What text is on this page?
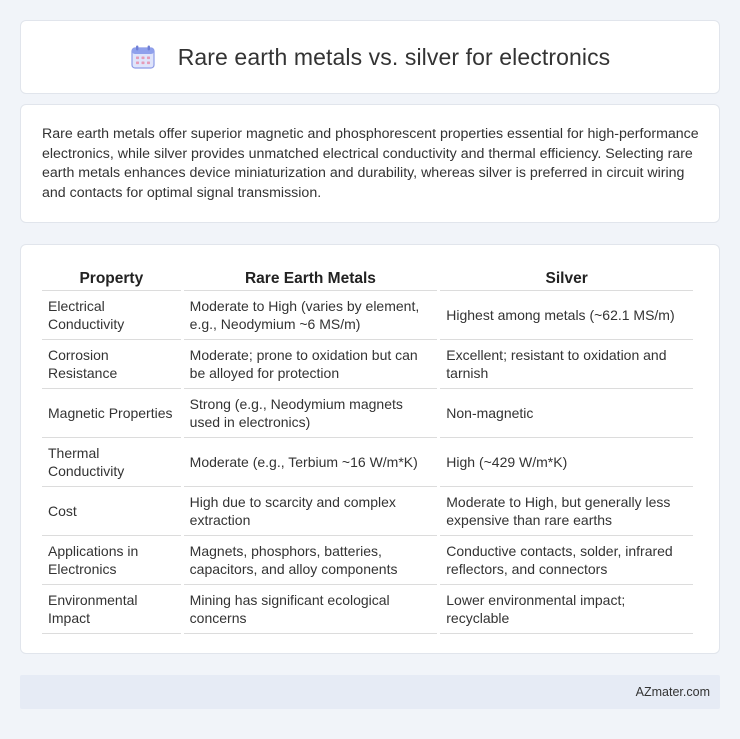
Rare earth metals vs. silver for electronics

Rare earth metals offer superior magnetic and phosphorescent properties essential for high-performance electronics, while silver provides unmatched electrical conductivity and thermal efficiency. Selecting rare earth metals enhances device miniaturization and durability, whereas silver is preferred in circuit wiring and contacts for optimal signal transmission.

Property	Rare Earth Metals	Silver
Electrical Conductivity	Moderate to High (varies by element, e.g., Neodymium ~6 MS/m)	Highest among metals (~62.1 MS/m)
Corrosion Resistance	Moderate; prone to oxidation but can be alloyed for protection	Excellent; resistant to oxidation and tarnish
Magnetic Properties	Strong (e.g., Neodymium magnets used in electronics)	Non-magnetic
Thermal Conductivity	Moderate (e.g., Terbium ~16 W/m*K)	High (~429 W/m*K)
Cost	High due to scarcity and complex extraction	Moderate to High, but generally less expensive than rare earths
Applications in Electronics	Magnets, phosphors, batteries, capacitors, and alloy components	Conductive contacts, solder, infrared reflectors, and connectors
Environmental Impact	Mining has significant ecological concerns	Lower environmental impact; recyclable
AZmater.com
